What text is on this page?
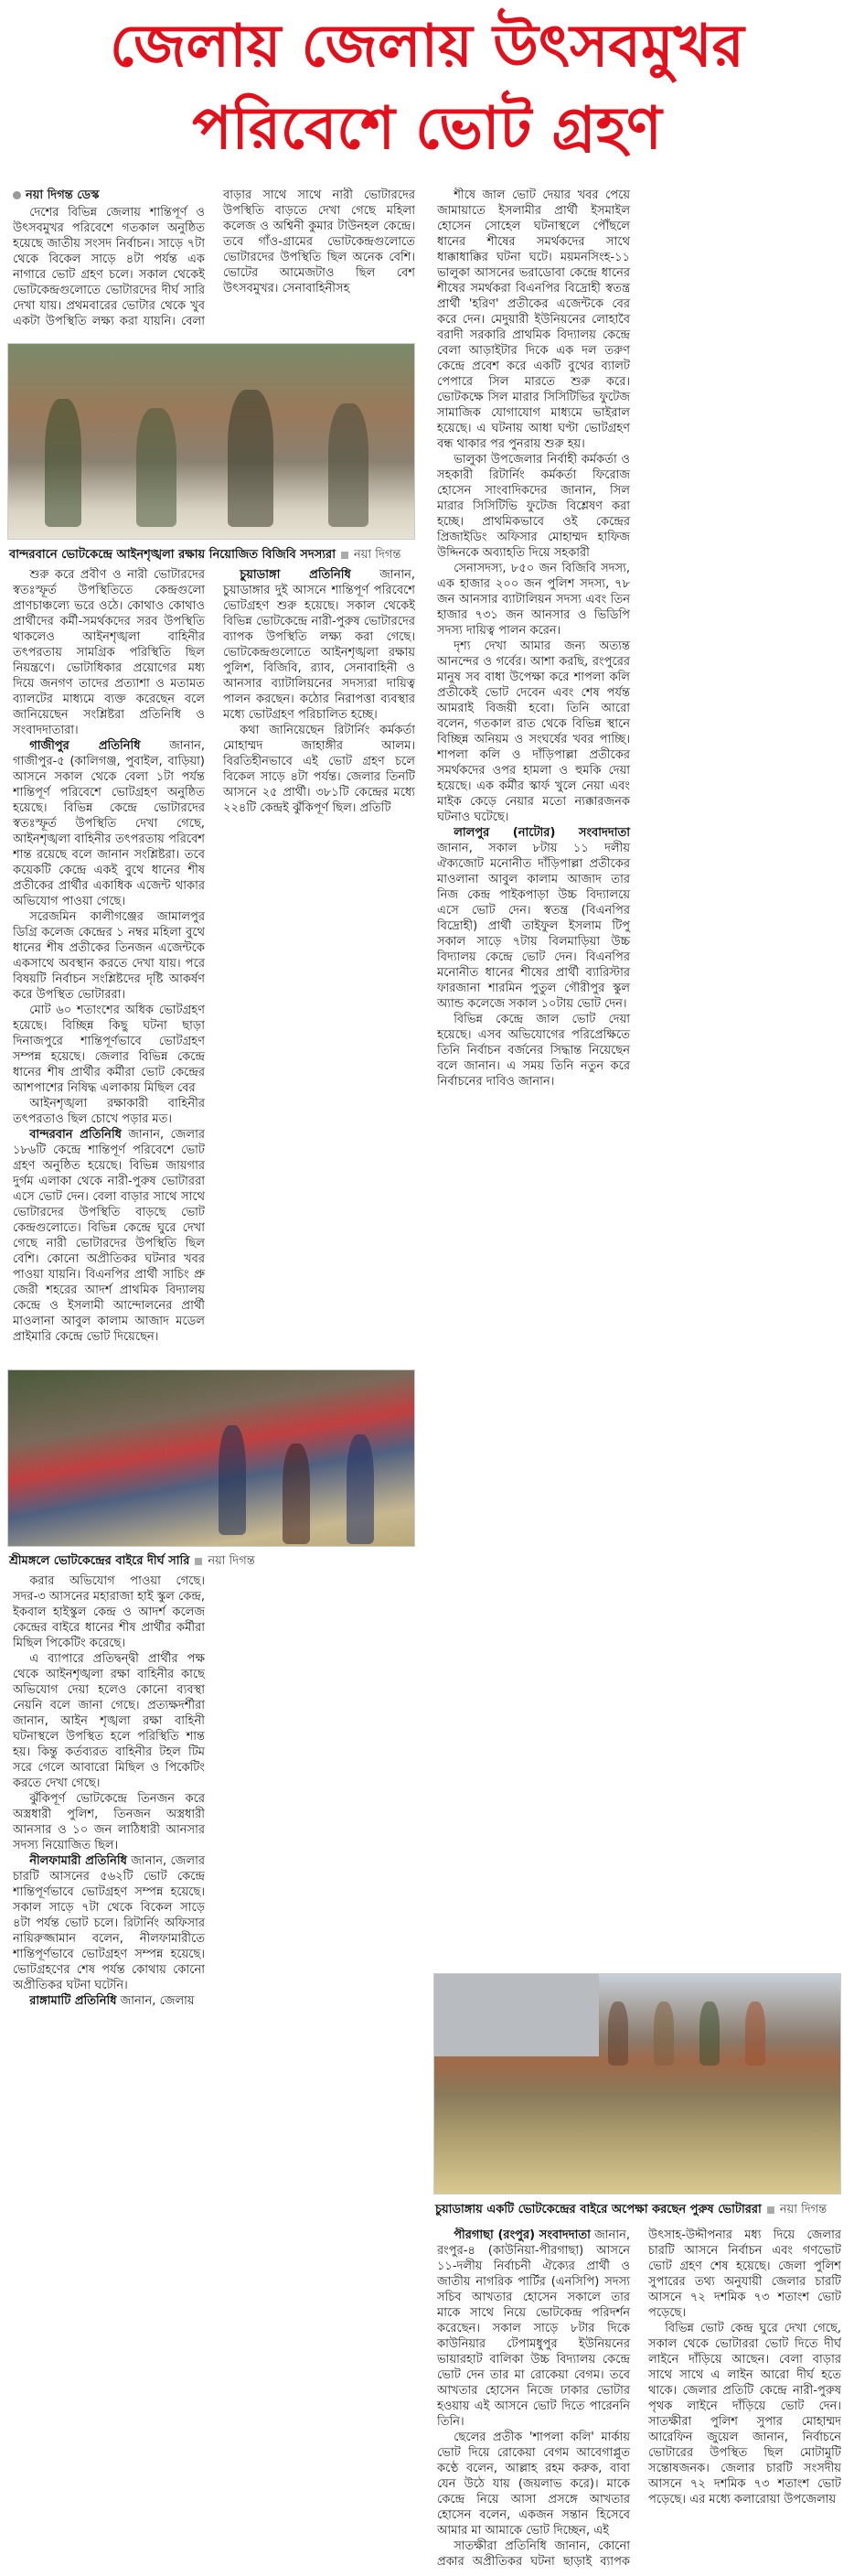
জেলায় জেলায় উৎসবমুখর
পরিবেশে ভোট গ্রহণ
নয়া দিগন্ত ডেস্ক

দেশের বিভিন্ন জেলায় শান্তিপূর্ণ ও উৎসবমুখর পরিবেশে গতকাল অনুষ্ঠিত হয়েছে জাতীয় সংসদ নির্বাচন। সাড়ে ৭টা থেকে বিকেল সাড়ে ৪টা পর্যন্ত এক নাগারে ভোট গ্রহণ চলে। সকাল থেকেই ভোটকেন্দ্রগুলোতে ভোটারদের দীর্ঘ সারি দেখা যায়। প্রথমবারের ভোটার থেকে খুব একটা উপস্থিতি লক্ষ্য করা যায়নি। বেলা বাড়ার সাথে সাথে নারী ভোটারদের উপস্থিতি বাড়তে দেখা গেছে মহিলা কলেজ ও অশ্বিনী কুমার টাউনহল কেন্দ্রে। তবে গাঁও-গ্রামের ভোটকেন্দ্রগুলোতে ভোটারদের উপস্থিতি ছিল অনেক বেশি। ভোটের আমেজটাও ছিল বেশ উৎসবমুখর। সেনাবাহিনীসহ

বান্দরবানে ভোটকেন্দ্রে আইনশৃঙ্খলা রক্ষায় নিয়োজিত বিজিবি সদস্যরা নয়া দিগন্ত

শুরু করে প্রবীণ ও নারী ভোটারদের স্বতঃস্ফূর্ত উপস্থিতিতে কেন্দ্রগুলো প্রাণচাঞ্চল্যে ভরে ওঠে। কোথাও কোথাও প্রার্থীদের কর্মী-সমর্থকদের সরব উপস্থিতি থাকলেও আইনশৃঙ্খলা বাহিনীর তৎপরতায় সামগ্রিক পরিস্থিতি ছিল নিয়ন্ত্রণে। ভোটাধিকার প্রয়োগের মধ্য দিয়ে জনগণ তাদের প্রত্যাশা ও মতামত ব্যালটের মাধ্যমে ব্যক্ত করেছেন বলে জানিয়েছেন সংশ্লিষ্টরা প্রতিনিধি ও সংবাদদাতারা।

গাজীপুর প্রতিনিধি জানান, গাজীপুর-৫ (কালিগঞ্জ, পুবাইল, বাড়িয়া) আসনে সকাল থেকে বেলা ১টা পর্যন্ত শান্তিপূর্ণ পরিবেশে ভোটগ্রহণ অনুষ্ঠিত হয়েছে। বিভিন্ন কেন্দ্রে ভোটারদের স্বতঃস্ফূর্ত উপস্থিতি দেখা গেছে, আইনশৃঙ্খলা বাহিনীর তৎপরতায় পরিবেশ শান্ত রয়েছে বলে জানান সংশ্লিষ্টরা। তবে কয়েকটি কেন্দ্রে একই বুথে ধানের শীষ প্রতীকের প্রার্থীর একাধিক এজেন্ট থাকার অভিযোগ পাওয়া গেছে।

সরেজমিন কালীগঞ্জের জামালপুর ডিগ্রি কলেজ কেন্দ্রের ১ নম্বর মহিলা বুথে ধানের শীষ প্রতীকের তিনজন এজেন্টকে একসাথে অবস্থান করতে দেখা যায়। পরে বিষয়টি নির্বাচন সংশ্লিষ্টদের দৃষ্টি আকর্ষণ করে উপস্থিত ভোটাররা।

মোট ৬০ শতাংশের অধিক ভোটগ্রহণ হয়েছে। বিচ্ছিন্ন কিছু ঘটনা ছাড়া দিনাজপুরে শান্তিপূর্ণভাবে ভোটগ্রহণ সম্পন্ন হয়েছে। জেলার বিভিন্ন কেন্দ্রে ধানের শীষ প্রার্থীর কর্মীরা ভোট কেন্দ্রের আশপাশের নিষিদ্ধ এলাকায় মিছিল বের

আইনশৃঙ্খলা রক্ষাকারী বাহিনীর তৎপরতাও ছিল চোখে পড়ার মত।

বান্দরবান প্রতিনিধি জানান, জেলার ১৮৬টি কেন্দ্রে শান্তিপূর্ণ পরিবেশে ভোট গ্রহণ অনুষ্ঠিত হয়েছে। বিভিন্ন জায়গার দুর্গম এলাকা থেকে নারী-পুরুষ ভোটাররা এসে ভোট দেন। বেলা বাড়ার সাথে সাথে ভোটারদের উপস্থিতি বাড়ছে ভোট কেন্দ্রগুলোতে। বিভিন্ন কেন্দ্রে ঘুরে দেখা গেছে নারী ভোটারদের উপস্থিতি ছিল বেশি। কোনো অপ্রীতিকর ঘটনার খবর পাওয়া যায়নি। বিএনপির প্রার্থী সাচিং প্রু জেরী শহরের আদর্শ প্রাথমিক বিদ্যালয় কেন্দ্রে ও ইসলামী আন্দোলনের প্রার্থী মাওলানা আবুল কালাম আজাদ মডেল প্রাইমারি কেন্দ্রে ভোট দিয়েছেন।

চুয়াডাঙ্গা প্রতিনিধি জানান, চুয়াডাঙ্গার দুই আসনে শান্তিপূর্ণ পরিবেশে ভোটগ্রহণ শুরু হয়েছে। সকাল থেকেই বিভিন্ন ভোটকেন্দ্রে নারী-পুরুষ ভোটারদের ব্যাপক উপস্থিতি লক্ষ্য করা গেছে। ভোটকেন্দ্রগুলোতে আইনশৃঙ্খলা রক্ষায় পুলিশ, বিজিবি, র‍্যাব, সেনাবাহিনী ও আনসার ব্যাটালিয়নের সদস্যরা দায়িত্ব পালন করছেন। কঠোর নিরাপত্তা ব্যবস্থার মধ্যে ভোটগ্রহণ পরিচালিত হচ্ছে।

কথা জানিয়েছেন রিটার্নিং কর্মকর্তা মোহাম্মদ জাহাঙ্গীর আলম। বিরতিহীনভাবে এই ভোট গ্রহণ চলে বিকেল সাড়ে ৪টা পর্যন্ত। জেলার তিনটি আসনে ২৫ প্রার্থী। ৩৮১টি কেন্দ্রের মধ্যে ২২৪টি কেন্দ্রই ঝুঁকিপূর্ণ ছিল। প্রতিটি

শ্রীমঙ্গলে ভোটকেন্দ্রের বাইরে দীর্ঘ সারি নয়া দিগন্ত

করার অভিযোগ পাওয়া গেছে। সদর-৩ আসনের মহারাজা হাই স্কুল কেন্দ্র, ইকবাল হাইস্কুল কেন্দ্র ও আদর্শ কলেজ কেন্দ্রের বাইরে ধানের শীষ প্রার্থীর কর্মীরা মিছিল পিকেটিং করেছে।

এ ব্যাপারে প্রতিদ্বন্দ্বী প্রার্থীর পক্ষ থেকে আইনশৃঙ্খলা রক্ষা বাহিনীর কাছে অভিযোগ দেয়া হলেও কোনো ব্যবস্থা নেয়নি বলে জানা গেছে। প্রত্যক্ষদর্শীরা জানান, আইন শৃঙ্খলা রক্ষা বাহিনী ঘটনাস্থলে উপস্থিত হলে পরিস্থিতি শান্ত হয়। কিন্তু কর্তব্যরত বাহিনীর টহল টিম সরে গেলে আবারো মিছিল ও পিকেটিং করতে দেখা গেছে।

ঝুঁকিপূর্ণ ভোটকেন্দ্রে তিনজন করে অস্ত্রধারী পুলিশ, তিনজন অস্ত্রধারী আনসার ও ১০ জন লাঠিধারী আনসার সদস্য নিয়োজিত ছিল।

নীলফামারী প্রতিনিধি জানান, জেলার চারটি আসনের ৫৬২টি ভোট কেন্দ্রে শান্তিপূর্ণভাবে ভোটগ্রহণ সম্পন্ন হয়েছে। সকাল সাড়ে ৭টা থেকে বিকেল সাড়ে ৪টা পর্যন্ত ভোট চলে। রিটার্নিং অফিসার নায়িরুজ্জামান বলেন, নীলফামারীতে শান্তিপূর্ণভাবে ভোটগ্রহণ সম্পন্ন হয়েছে। ভোটগ্রহণের শেষ পর্যন্ত কোথায় কোনো অপ্রীতিকর ঘটনা ঘটেনি।

রাঙ্গামাটি প্রতিনিধি জানান, জেলায়

শীষে জাল ভোট দেয়ার খবর পেয়ে জামায়াতে ইসলামীর প্রার্থী ইসমাইল হোসেন সোহেল ঘটনাস্থলে পৌঁছলে ধানের শীষের সমর্থকদের সাথে ধাক্কাধাক্কির ঘটনা ঘটে। ময়মনসিংহ-১১ ভালুকা আসনের ভরাডোবা কেন্দ্রে ধানের শীষের সমর্থকরা বিএনপির বিদ্রোহী স্বতন্ত্র প্রার্থী 'হরিণ' প্রতীকের এজেন্টকে বের করে দেন। মেদুয়ারী ইউনিয়নের লোহাবৈ বরাদী সরকারি প্রাথমিক বিদ্যালয় কেন্দ্রে বেলা আড়াইটার দিকে এক দল তরুণ কেন্দ্রে প্রবেশ করে একটি বুথের ব্যালট পেপারে সিল মারতে শুরু করে। ভোটকক্ষে সিল মারার সিসিটিভির ফুটেজ সামাজিক যোগাযোগ মাধ্যমে ভাইরাল হয়েছে। এ ঘটনায় আধা ঘণ্টা ভোটগ্রহণ বন্ধ থাকার পর পুনরায় শুরু হয়।

ভালুকা উপজেলার নির্বাহী কর্মকর্তা ও সহকারী রিটার্নিং কর্মকর্তা ফিরোজ হোসেন সাংবাদিকদের জানান, সিল মারার সিসিটিভি ফুটেজ বিশ্লেষণ করা হচ্ছে। প্রাথমিকভাবে ওই কেন্দ্রের প্রিজাইডিং অফিসার মোহাম্মদ হাফিজ উদ্দিনকে অব্যাহতি দিয়ে সহকারী

সেনাসদস্য, ৮৫০ জন বিজিবি সদস্য, এক হাজার ২০০ জন পুলিশ সদস্য, ৭৮ জন আনসার ব্যাটালিয়ন সদস্য এবং তিন হাজার ৭৩১ জন আনসার ও ভিডিপি সদস্য দায়িত্ব পালন করেন।

দৃশ্য দেখা আমার জন্য অত্যন্ত আনন্দের ও গর্বের। আশা করছি, রংপুরের মানুষ সব বাধা উপেক্ষা করে শাপলা কলি প্রতীকেই ভোট দেবেন এবং শেষ পর্যন্ত আমরাই বিজয়ী হবো। তিনি আরো বলেন, গতকাল রাত থেকে বিভিন্ন স্থানে বিচ্ছিন্ন অনিয়ম ও সংঘর্ষের খবর পাচ্ছি। শাপলা কলি ও দাঁড়িপাল্লা প্রতীকের সমর্থকদের ওপর হামলা ও হুমকি দেয়া হয়েছে। এক কর্মীর স্কার্ফ খুলে নেয়া এবং মাইক কেড়ে নেয়ার মতো ন্যক্কারজনক ঘটনাও ঘটেছে।

লালপুর (নাটোর) সংবাদদাতা জানান, সকাল ৮টায় ১১ দলীয় ঐক্যজোট মনোনীত দাঁড়িপাল্লা প্রতীকের মাওলানা আবুল কালাম আজাদ তার নিজ কেন্দ্র পাইকপাড়া উচ্চ বিদ্যালয়ে এসে ভোট দেন। স্বতন্ত্র (বিএনপির বিদ্রোহী) প্রার্থী তাইফুল ইসলাম টিপু সকাল সাড়ে ৭টায় বিলমাড়িয়া উচ্চ বিদ্যালয় কেন্দ্রে ভোট দেন। বিএনপির মনোনীত ধানের শীষের প্রার্থী ব্যারিস্টার ফারজানা শারমিন পুতুল গৌরীপুর স্কুল অ্যান্ড কলেজে সকাল ১০টায় ভোট দেন।

বিভিন্ন কেন্দ্রে জাল ভোট দেয়া হয়েছে। এসব অভিযোগের পরিপ্রেক্ষিতে তিনি নির্বাচন বর্জনের সিদ্ধান্ত নিয়েছেন বলে জানান। এ সময় তিনি নতুন করে নির্বাচনের দাবিও জানান।

চুয়াডাঙ্গায় একটি ভোটকেন্দ্রের বাইরে অপেক্ষা করছেন পুরুষ ভোটাররা নয়া দিগন্ত

পীরগাছা (রংপুর) সংবাদদাতা জানান, রংপুর-৪ (কাউনিয়া-পীরগাছা) আসনে ১১-দলীয় নির্বাচনী ঐক্যের প্রার্থী ও জাতীয় নাগরিক পার্টির (এনসিপি) সদস্য সচিব আখতার হোসেন সকালে তার মাকে সাথে নিয়ে ভোটকেন্দ্র পরিদর্শন করেছেন। সকাল সাড়ে ৮টার দিকে কাউনিয়ার টেপামধুপুর ইউনিয়নের ভায়ারহাট বালিকা উচ্চ বিদ্যালয় কেন্দ্রে ভোট দেন তার মা রোকেয়া বেগম। তবে আখতার হোসেন নিজে ঢাকার ভোটার হওয়ায় এই আসনে ভোট দিতে পারেননি তিনি।

ছেলের প্রতীক 'শাপলা কলি' মার্কায় ভোট দিয়ে রোকেয়া বেগম আবেগাপ্লুত কণ্ঠে বলেন, আল্লাহ রহম করুক, বাবা যেন উঠে যায় (জয়লাভ করে)। মাকে কেন্দ্রে নিয়ে আসা প্রসঙ্গে আখতার হোসেন বলেন, একজন সন্তান হিসেবে আমার মা আমাকে ভোট দিচ্ছেন, এই

সাতক্ষীরা প্রতিনিধি জানান, কোনো প্রকার অপ্রীতিকর ঘটনা ছাড়াই ব্যাপক উৎসাহ-উদ্দীপনার মধ্য দিয়ে জেলার চারটি আসনে নির্বাচন এবং গণভোট ভোট গ্রহণ শেষ হয়েছে। জেলা পুলিশ সুপারের তথ্য অনুযায়ী জেলার চারটি আসনে ৭২ দশমিক ৭৩ শতাংশ ভোট পড়েছে।

বিভিন্ন ভোট কেন্দ্র ঘুরে দেখা গেছে, সকাল থেকে ভোটাররা ভোট দিতে দীর্ঘ লাইনে দাঁড়িয়ে আছেন। বেলা বাড়ার সাথে সাথে এ লাইন আরো দীর্ঘ হতে থাকে। জেলার প্রতিটি কেন্দ্রে নারী-পুরুষ পৃথক লাইনে দাঁড়িয়ে ভোট দেন। সাতক্ষীরা পুলিশ সুপার মোহাম্মদ আরেফিন জুয়েল জানান, নির্বাচনে ভোটারের উপস্থিত ছিল মোটামুটি সন্তোষজনক। জেলার চারটি সংসদীয় আসনে ৭২ দশমিক ৭৩ শতাংশ ভোট পড়েছে। এর মধ্যে কলারোয়া উপজেলায়
